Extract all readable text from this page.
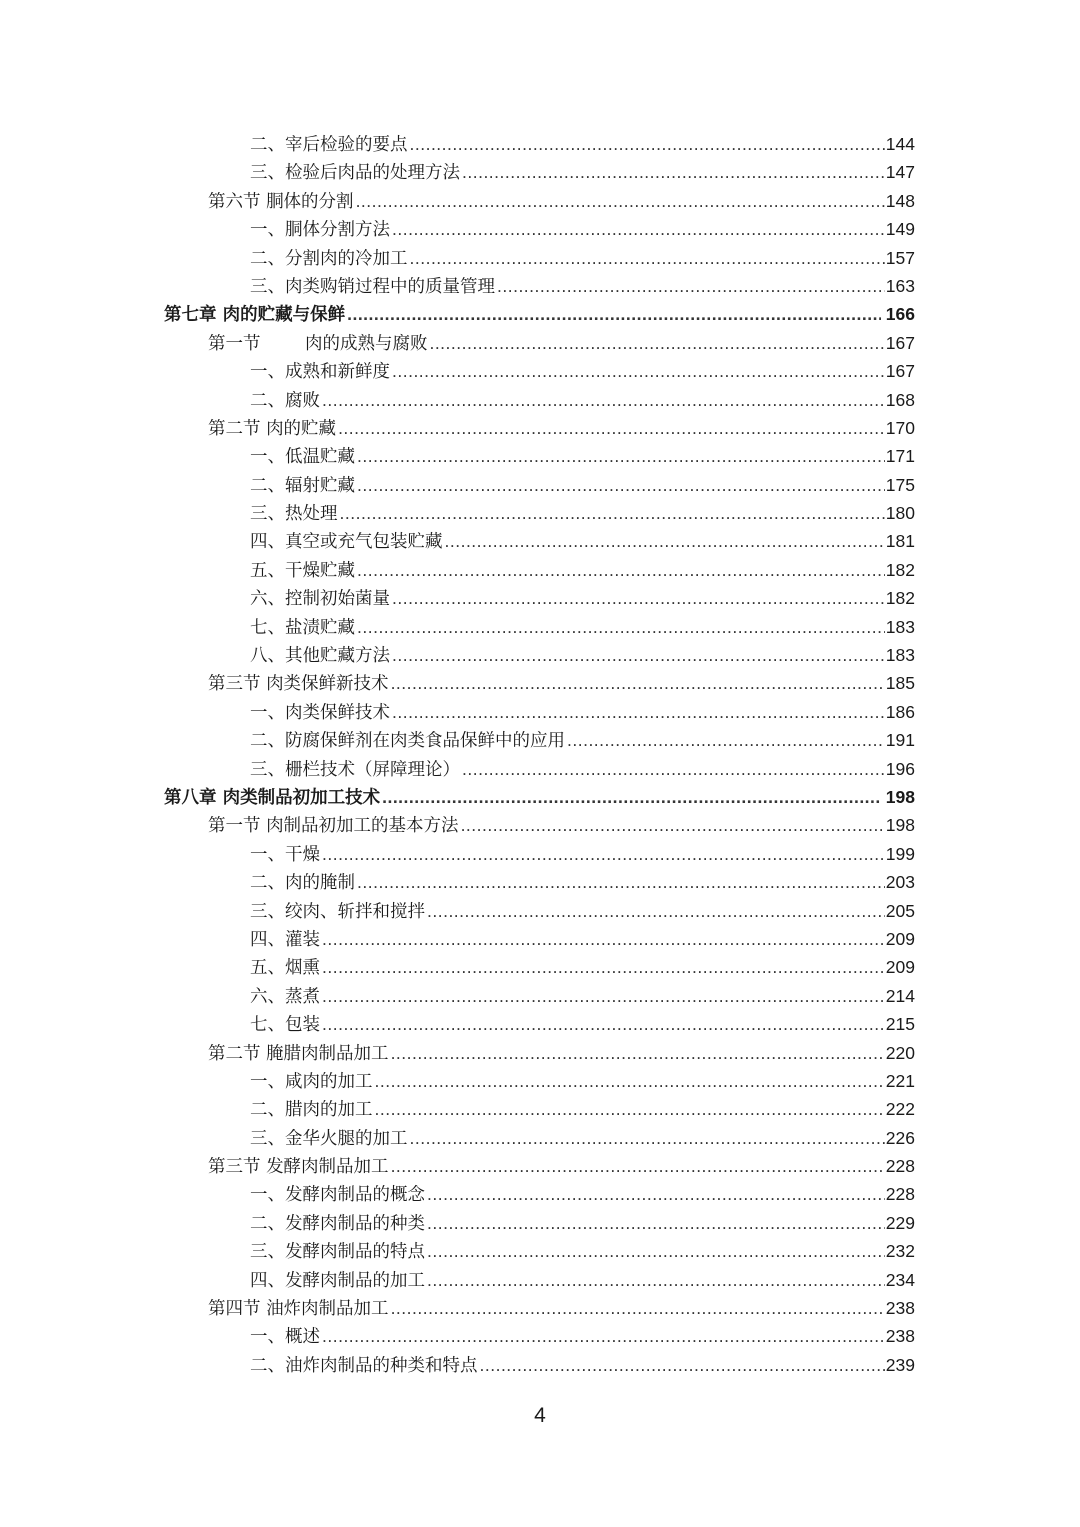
二、宰后检验的要点 .....	144
三、检验后肉品的处理方法 .....	147
第六节 胴体的分割 .....	148
一、胴体分割方法 .....	149
二、分割肉的冷加工 .....	157
三、肉类购销过程中的质量管理 .....	163
第七章 肉的贮藏与保鲜 .....	166
第一节	肉的成熟与腐败 .....	167
一、成熟和新鲜度 .....	167
二、腐败 .....	168
第二节 肉的贮藏 .....	170
一、低温贮藏 .....	171
二、辐射贮藏 .....	175
三、热处理 .....	180
四、真空或充气包装贮藏 .....	181
五、干燥贮藏 .....	182
六、控制初始菌量 .....	182
七、盐渍贮藏 .....	183
八、其他贮藏方法 .....	183
第三节 肉类保鲜新技术 .....	185
一、肉类保鲜技术 .....	186
二、防腐保鲜剂在肉类食品保鲜中的应用 .....	191
三、栅栏技术（屏障理论） .....	196
第八章 肉类制品初加工技术 .....	198
第一节 肉制品初加工的基本方法 .....	198
一、干燥 .....	199
二、肉的腌制 .....	203
三、绞肉、斩拌和搅拌 .....	205
四、灌装 .....	209
五、烟熏 .....	209
六、蒸煮 .....	214
七、包装 .....	215
第二节 腌腊肉制品加工 .....	220
一、咸肉的加工 .....	221
二、腊肉的加工 .....	222
三、金华火腿的加工 .....	226
第三节 发酵肉制品加工 .....	228
一、发酵肉制品的概念 .....	228
二、发酵肉制品的种类 .....	229
三、发酵肉制品的特点 .....	232
四、发酵肉制品的加工 .....	234
第四节 油炸肉制品加工 .....	238
一、概述 .....	238
二、油炸肉制品的种类和特点 .....	239
4
